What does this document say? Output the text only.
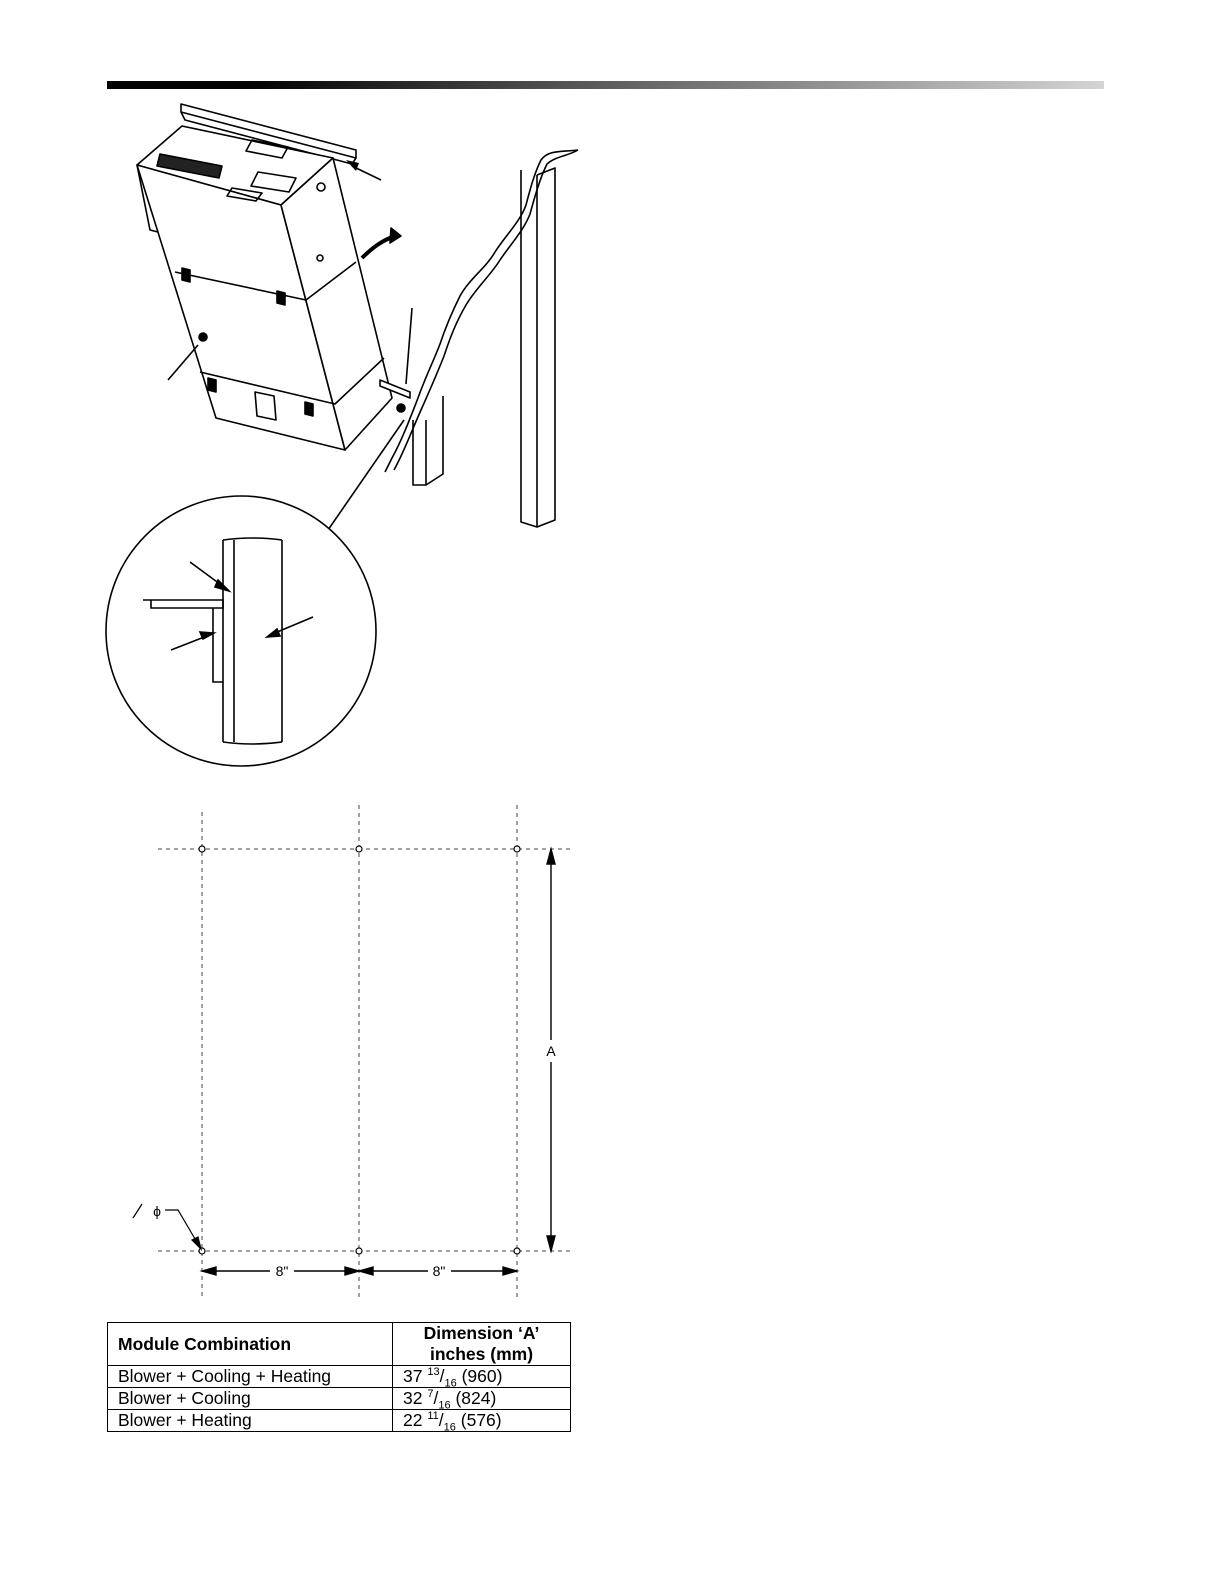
A
8"	8"
ϕ
Module Combination	Dimension ‘A’
inches (mm)

Blower + Cooling + Heating	37 $^{13}/_{16}$ (960)
Blower + Cooling	32 $^7/_{16}$ (824)
Blower + Heating	22 $^{11}/_{16}$ (576)
